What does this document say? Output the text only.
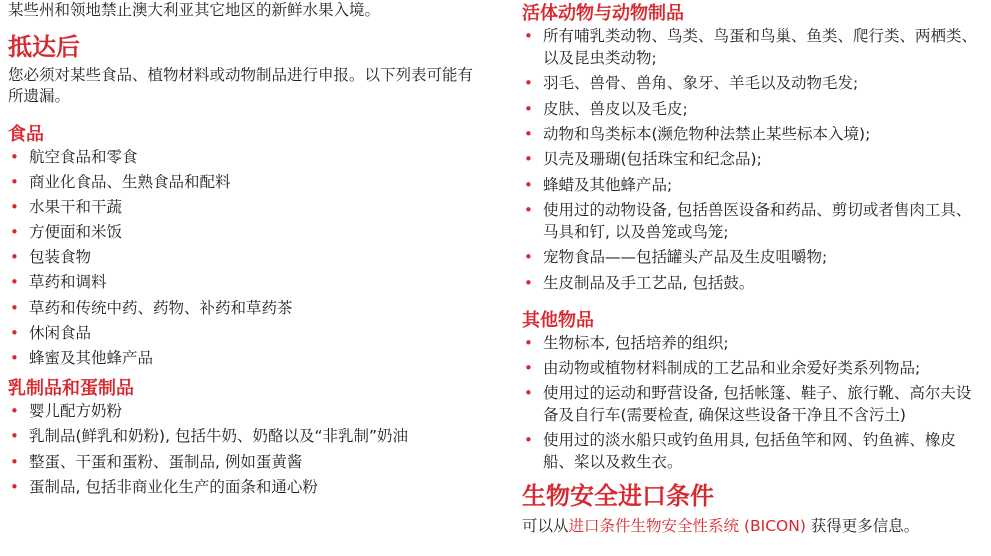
某些州和领地禁止澳大利亚其它地区的新鲜水果入境。

抵达后

您必须对某些食品、植物材料或动物制品进行申报。以下列表可能有所遗漏。

食品
• 航空食品和零食
• 商业化食品、生熟食品和配料
• 水果干和干蔬
• 方便面和米饭
• 包装食物
• 草药和调料
• 草药和传统中药、药物、补药和草药茶
• 休闲食品
• 蜂蜜及其他蜂产品
乳制品和蛋制品
• 婴儿配方奶粉
• 乳制品(鲜乳和奶粉), 包括牛奶、奶酪以及“非乳制”奶油
• 整蛋、干蛋和蛋粉、蛋制品, 例如蛋黄酱
• 蛋制品, 包括非商业化生产的面条和通心粉
活体动物与动物制品
• 所有哺乳类动物、鸟类、鸟蛋和鸟巢、鱼类、爬行类、两栖类、以及昆虫类动物;
• 羽毛、兽骨、兽角、象牙、羊毛以及动物毛发;
• 皮肤、兽皮以及毛皮;
• 动物和鸟类标本(濒危物种法禁止某些标本入境);
• 贝壳及珊瑚(包括珠宝和纪念品);
• 蜂蜡及其他蜂产品;
• 使用过的动物设备, 包括兽医设备和药品、剪切或者售肉工具、马具和钉, 以及兽笼或鸟笼;
• 宠物食品——包括罐头产品及生皮咀嚼物;
• 生皮制品及手工艺品, 包括鼓。
其他物品
• 生物标本, 包括培养的组织;
• 由动物或植物材料制成的工艺品和业余爱好类系列物品;
• 使用过的运动和野营设备, 包括帐篷、鞋子、旅行靴、高尔夫设备及自行车(需要检查, 确保这些设备干净且不含污土)
• 使用过的淡水船只或钓鱼用具, 包括鱼竿和网、钓鱼裤、橡皮船、桨以及救生衣。
生物安全进口条件

可以从进口条件生物安全性系统 (BICON) 获得更多信息。
